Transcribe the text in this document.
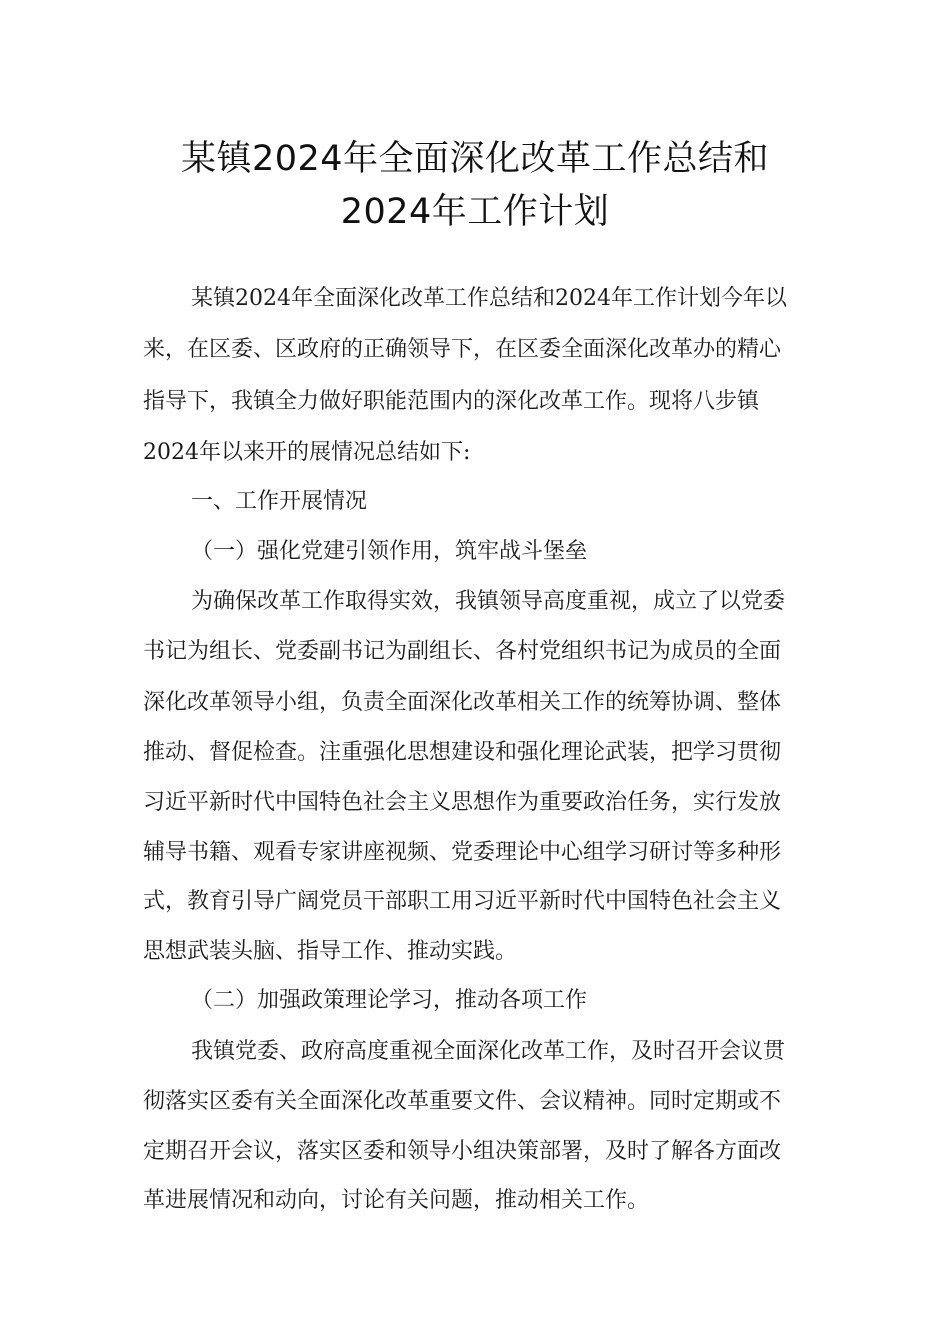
某镇2024年全面深化改革工作总结和
2024年工作计划
某镇2024年全面深化改革工作总结和2024年工作计划今年以
来，在区委、区政府的正确领导下，在区委全面深化改革办的精心
指导下，我镇全力做好职能范围内的深化改革工作。现将八步镇
2024年以来开的展情况总结如下:
一、工作开展情况
（一）强化党建引领作用，筑牢战斗堡垒
为确保改革工作取得实效，我镇领导高度重视，成立了以党委
书记为组长、党委副书记为副组长、各村党组织书记为成员的全面
深化改革领导小组，负责全面深化改革相关工作的统筹协调、整体
推动、督促检查。注重强化思想建设和强化理论武装，把学习贯彻
习近平新时代中国特色社会主义思想作为重要政治任务，实行发放
辅导书籍、观看专家讲座视频、党委理论中心组学习研讨等多种形
式，教育引导广阔党员干部职工用习近平新时代中国特色社会主义
思想武装头脑、指导工作、推动实践。
（二）加强政策理论学习，推动各项工作
我镇党委、政府高度重视全面深化改革工作，及时召开会议贯
彻落实区委有关全面深化改革重要文件、会议精神。同时定期或不
定期召开会议，落实区委和领导小组决策部署，及时了解各方面改
革进展情况和动向，讨论有关问题，推动相关工作。
